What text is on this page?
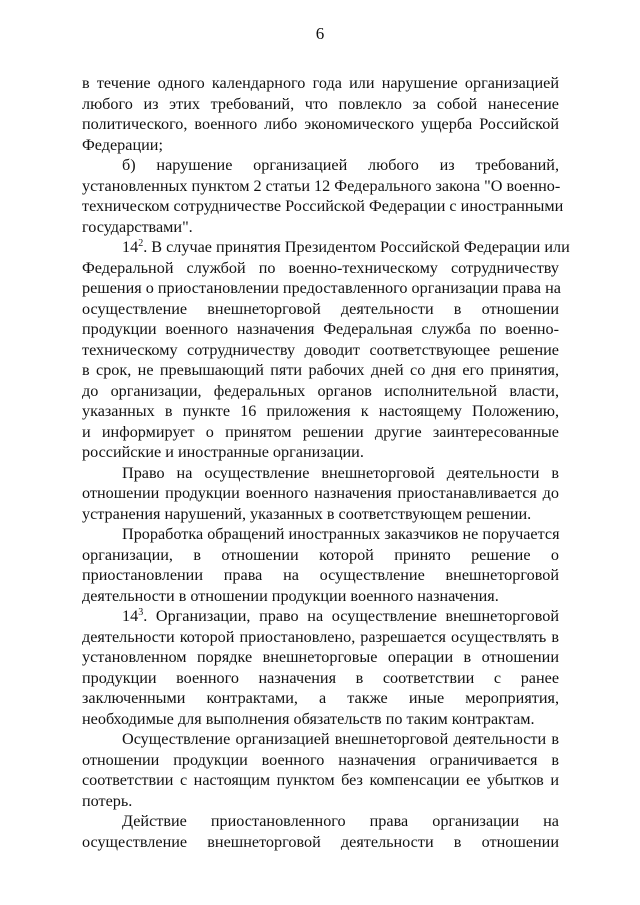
6
в течение одного календарного года или нарушение организацией
любого из этих требований, что повлекло за собой нанесение
политического, военного либо экономического ущерба Российской
Федерации;
б) нарушение организацией любого из требований,
установленных пунктом 2 статьи 12 Федерального закона "О военно-
техническом сотрудничестве Российской Федерации с иностранными
государствами".
$14^2$. В случае принятия Президентом Российской Федерации или
Федеральной службой по военно-техническому сотрудничеству
решения о приостановлении предоставленного организации права на
осуществление внешнеторговой деятельности в отношении
продукции военного назначения Федеральная служба по военно-
техническому сотрудничеству доводит соответствующее решение
в срок, не превышающий пяти рабочих дней со дня его принятия,
до организации, федеральных органов исполнительной власти,
указанных в пункте 16 приложения к настоящему Положению,
и информирует о принятом решении другие заинтересованные
российские и иностранные организации.
Право на осуществление внешнеторговой деятельности в
отношении продукции военного назначения приостанавливается до
устранения нарушений, указанных в соответствующем решении.
Проработка обращений иностранных заказчиков не поручается
организации, в отношении которой принято решение о
приостановлении права на осуществление внешнеторговой
деятельности в отношении продукции военного назначения.
$14^3$. Организации, право на осуществление внешнеторговой
деятельности которой приостановлено, разрешается осуществлять в
установленном порядке внешнеторговые операции в отношении
продукции военного назначения в соответствии с ранее
заключенными контрактами, а также иные мероприятия,
необходимые для выполнения обязательств по таким контрактам.
Осуществление организацией внешнеторговой деятельности в
отношении продукции военного назначения ограничивается в
соответствии с настоящим пунктом без компенсации ее убытков и
потерь.
Действие приостановленного права организации на
осуществление внешнеторговой деятельности в отношении
